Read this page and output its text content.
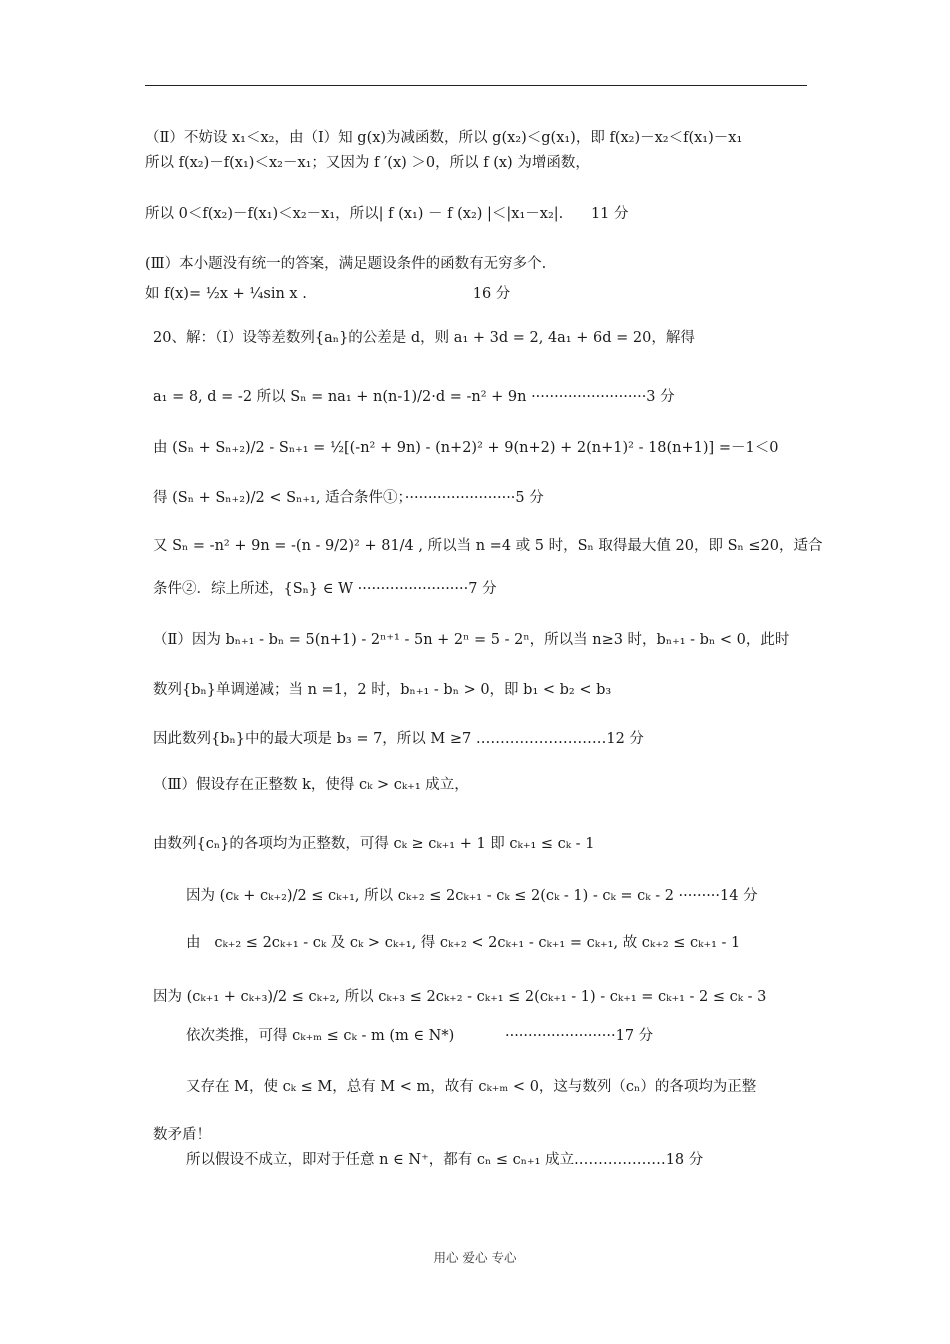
（Ⅱ）不妨设 x₁＜x₂，由（Ⅰ）知 g(x)为减函数，所以 g(x₂)＜g(x₁)，即 f(x₂)－x₂＜f(x₁)－x₁
所以 f(x₂)－f(x₁)＜x₂－x₁；又因为 f ′(x) ＞0，所以 f (x) 为增函数，
所以 0＜f(x₂)－f(x₁)＜x₂－x₁，所以| f (x₁) － f (x₂) |＜|x₁－x₂|.      11 分
(Ⅲ）本小题没有统一的答案，满足题设条件的函数有无穷多个.
如 f(x)= ½x + ¼sin x .                                    16 分
20、解：（Ⅰ）设等差数列{aₙ}的公差是 d，则 a₁ + 3d = 2, 4a₁ + 6d = 20，解得
a₁ = 8, d = -2 所以 Sₙ = na₁ + n(n-1)/2·d = -n² + 9n ·························3 分
由 (Sₙ + Sₙ₊₂)/2 - Sₙ₊₁ = ½[(-n² + 9n) - (n+2)² + 9(n+2) + 2(n+1)² - 18(n+1)] =－1＜0
得 (Sₙ + Sₙ₊₂)/2 < Sₙ₊₁, 适合条件①；························5 分
又 Sₙ = -n² + 9n = -(n - 9/2)² + 81/4 , 所以当 n =4 或 5 时，Sₙ 取得最大值 20，即 Sₙ ≤20，适合
条件②．综上所述，{Sₙ} ∈ W ························7 分
（Ⅱ）因为 bₙ₊₁ - bₙ = 5(n+1) - 2ⁿ⁺¹ - 5n + 2ⁿ = 5 - 2ⁿ，所以当 n≥3 时，bₙ₊₁ - bₙ < 0，此时
数列{bₙ}单调递减；当 n =1，2 时，bₙ₊₁ - bₙ > 0，即 b₁ < b₂ < b₃
因此数列{bₙ}中的最大项是 b₃ = 7，所以 M ≥7 ………………………12 分
（Ⅲ）假设存在正整数 k，使得 cₖ > cₖ₊₁ 成立，
由数列{cₙ}的各项均为正整数，可得 cₖ ≥ cₖ₊₁ + 1 即 cₖ₊₁ ≤ cₖ - 1
因为 (cₖ + cₖ₊₂)/2 ≤ cₖ₊₁, 所以 cₖ₊₂ ≤ 2cₖ₊₁ - cₖ ≤ 2(cₖ - 1) - cₖ = cₖ - 2 ·········14 分
由   cₖ₊₂ ≤ 2cₖ₊₁ - cₖ 及 cₖ > cₖ₊₁, 得 cₖ₊₂ < 2cₖ₊₁ - cₖ₊₁ = cₖ₊₁, 故 cₖ₊₂ ≤ cₖ₊₁ - 1
因为 (cₖ₊₁ + cₖ₊₃)/2 ≤ cₖ₊₂, 所以 cₖ₊₃ ≤ 2cₖ₊₂ - cₖ₊₁ ≤ 2(cₖ₊₁ - 1) - cₖ₊₁ = cₖ₊₁ - 2 ≤ cₖ - 3
依次类推，可得 cₖ₊ₘ ≤ cₖ - m (m ∈ N*)           ························17 分
又存在 M，使 cₖ ≤ M，总有 M < m，故有 cₖ₊ₘ < 0，这与数列（cₙ）的各项均为正整
数矛盾！
所以假设不成立，即对于任意 n ∈ N⁺，都有 cₙ ≤ cₙ₊₁ 成立.………………18 分
用心 爱心 专心
